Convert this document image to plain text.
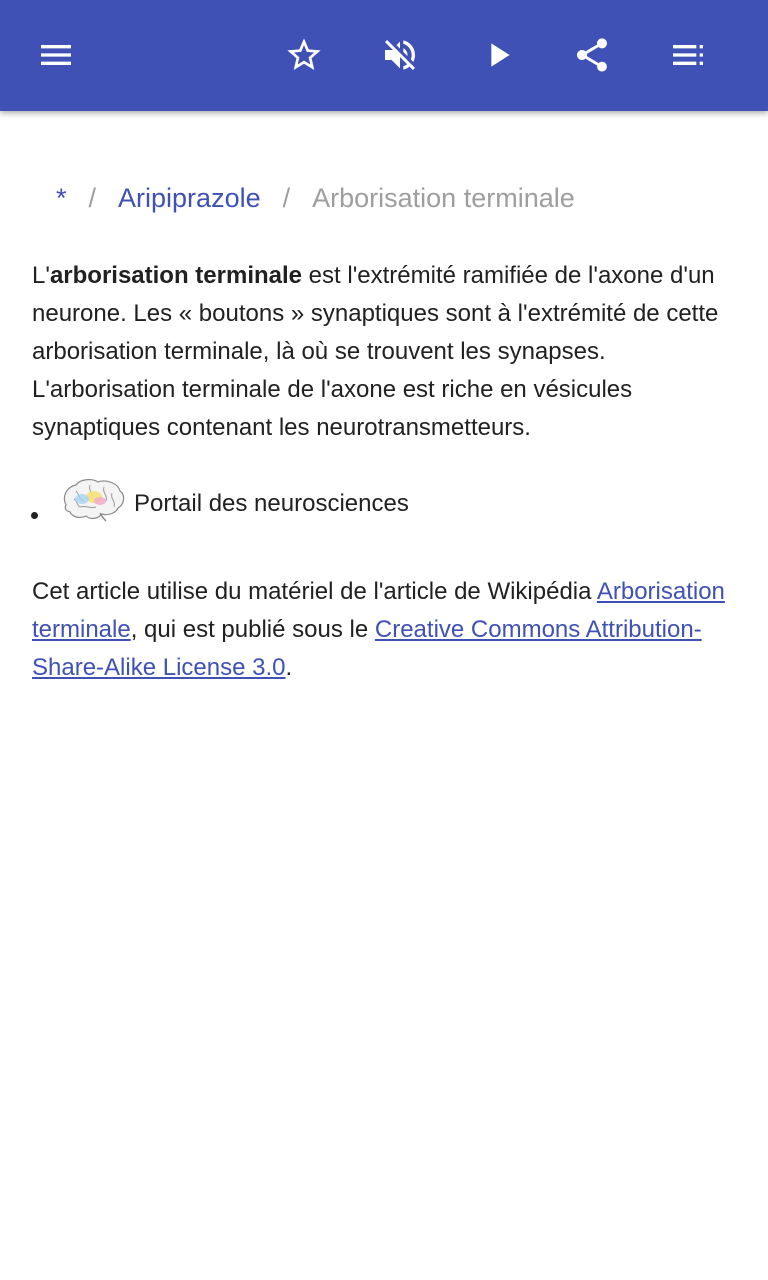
* / Aripiprazole / Arborisation terminale
L'arborisation terminale est l'extrémité ramifiée de l'axone d'un neurone. Les « boutons » synaptiques sont à l'extrémité de cette arborisation terminale, là où se trouvent les synapses. L'arborisation terminale de l'axone est riche en vésicules synaptiques contenant les neurotransmetteurs.
• Portail des neurosciences
Cet article utilise du matériel de l'article de Wikipédia Arborisation terminale, qui est publié sous le Creative Commons Attribution-Share-Alike License 3.0.
